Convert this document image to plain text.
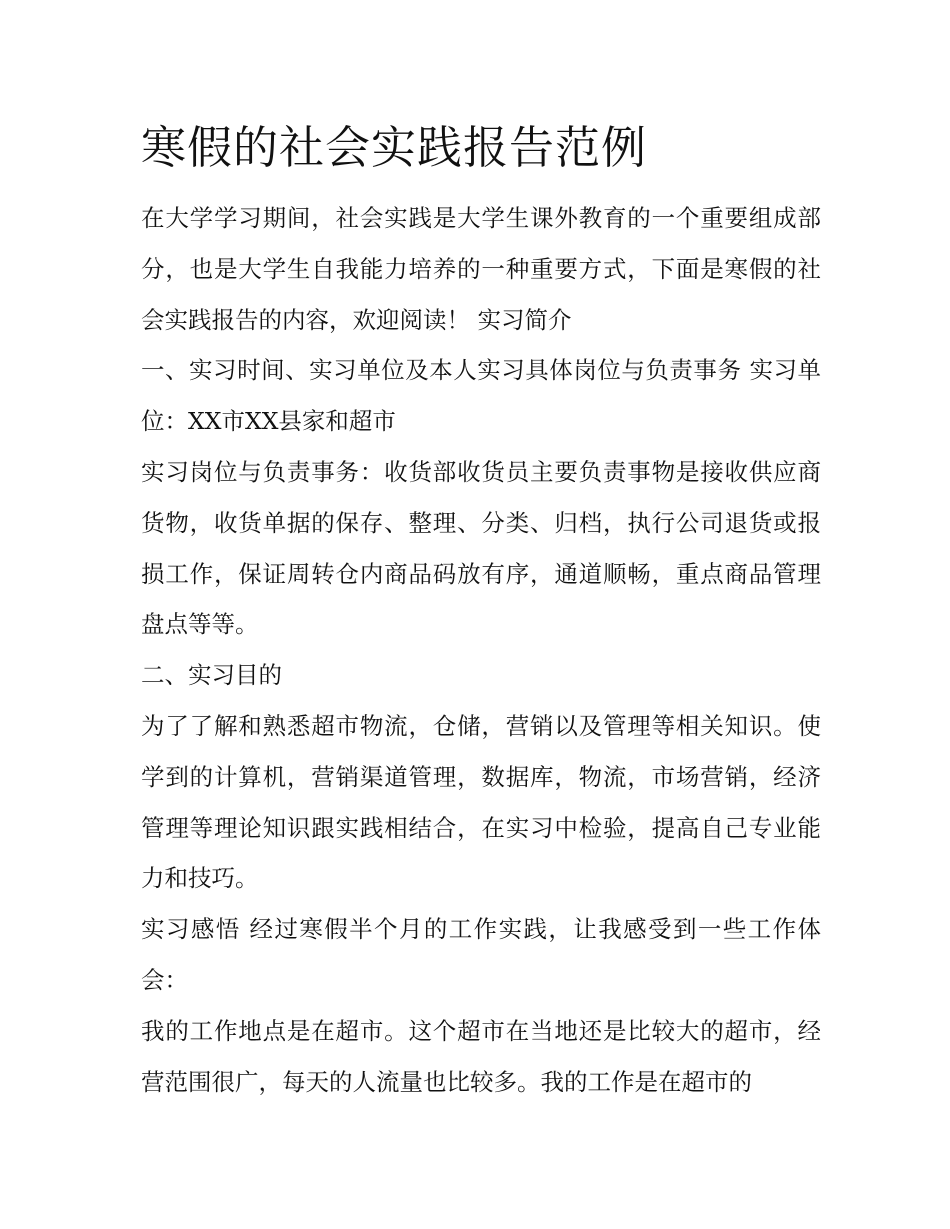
寒假的社会实践报告范例

在大学学习期间，社会实践是大学生课外教育的一个重要组成部分，也是大学生自我能力培养的一种重要方式，下面是寒假的社会实践报告的内容，欢迎阅读！ 实习简介

一、实习时间、实习单位及本人实习具体岗位与负责事务 实习单位：XX市XX县家和超市

实习岗位与负责事务：收货部收货员主要负责事物是接收供应商货物，收货单据的保存、整理、分类、归档，执行公司退货或报损工作，保证周转仓内商品码放有序，通道顺畅，重点商品管理盘点等等。

二、实习目的

为了了解和熟悉超市物流，仓储，营销以及管理等相关知识。使学到的计算机，营销渠道管理，数据库，物流，市场营销，经济管理等理论知识跟实践相结合，在实习中检验，提高自己专业能力和技巧。

实习感悟 经过寒假半个月的工作实践，让我感受到一些工作体会：

我的工作地点是在超市。这个超市在当地还是比较大的超市，经营范围很广，每天的人流量也比较多。我的工作是在超市的
